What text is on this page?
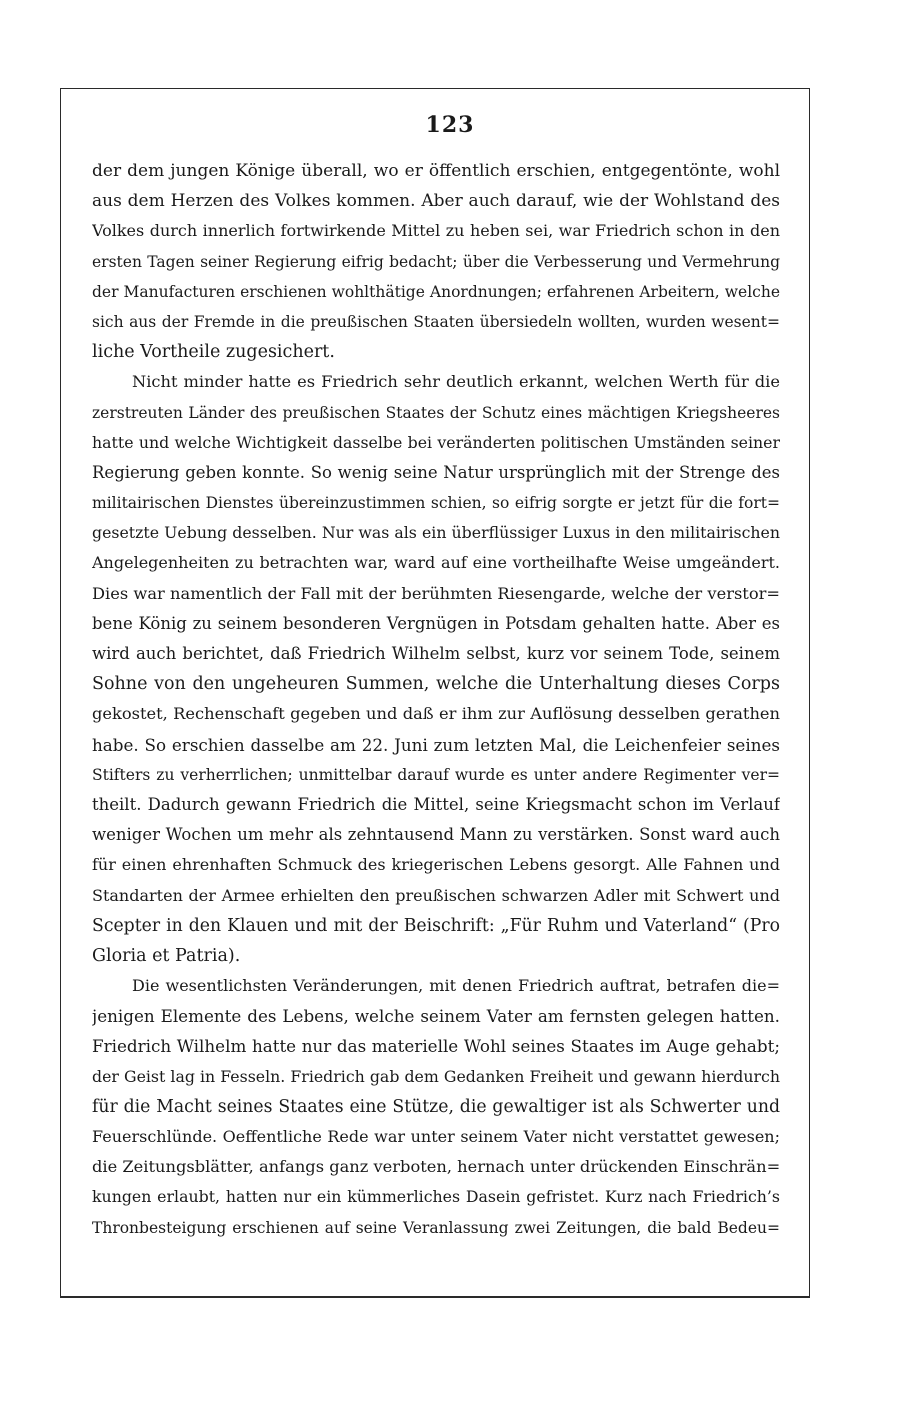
123
der dem jungen Könige überall, wo er öffentlich erschien, entgegentönte, wohl
aus dem Herzen des Volkes kommen. Aber auch darauf, wie der Wohlstand des
Volkes durch innerlich fortwirkende Mittel zu heben sei, war Friedrich schon in den
ersten Tagen seiner Regierung eifrig bedacht; über die Verbesserung und Vermehrung
der Manufacturen erschienen wohlthätige Anordnungen; erfahrenen Arbeitern, welche
sich aus der Fremde in die preußischen Staaten übersiedeln wollten, wurden wesent=
liche Vortheile zugesichert.
Nicht minder hatte es Friedrich sehr deutlich erkannt, welchen Werth für die
zerstreuten Länder des preußischen Staates der Schutz eines mächtigen Kriegsheeres
hatte und welche Wichtigkeit dasselbe bei veränderten politischen Umständen seiner
Regierung geben konnte. So wenig seine Natur ursprünglich mit der Strenge des
militairischen Dienstes übereinzustimmen schien, so eifrig sorgte er jetzt für die fort=
gesetzte Uebung desselben. Nur was als ein überflüssiger Luxus in den militairischen
Angelegenheiten zu betrachten war, ward auf eine vortheilhafte Weise umgeändert.
Dies war namentlich der Fall mit der berühmten Riesengarde, welche der verstor=
bene König zu seinem besonderen Vergnügen in Potsdam gehalten hatte. Aber es
wird auch berichtet, daß Friedrich Wilhelm selbst, kurz vor seinem Tode, seinem
Sohne von den ungeheuren Summen, welche die Unterhaltung dieses Corps
gekostet, Rechenschaft gegeben und daß er ihm zur Auflösung desselben gerathen
habe. So erschien dasselbe am 22. Juni zum letzten Mal, die Leichenfeier seines
Stifters zu verherrlichen; unmittelbar darauf wurde es unter andere Regimenter ver=
theilt. Dadurch gewann Friedrich die Mittel, seine Kriegsmacht schon im Verlauf
weniger Wochen um mehr als zehntausend Mann zu verstärken. Sonst ward auch
für einen ehrenhaften Schmuck des kriegerischen Lebens gesorgt. Alle Fahnen und
Standarten der Armee erhielten den preußischen schwarzen Adler mit Schwert und
Scepter in den Klauen und mit der Beischrift: „Für Ruhm und Vaterland“ (Pro
Gloria et Patria).
Die wesentlichsten Veränderungen, mit denen Friedrich auftrat, betrafen die=
jenigen Elemente des Lebens, welche seinem Vater am fernsten gelegen hatten.
Friedrich Wilhelm hatte nur das materielle Wohl seines Staates im Auge gehabt;
der Geist lag in Fesseln. Friedrich gab dem Gedanken Freiheit und gewann hierdurch
für die Macht seines Staates eine Stütze, die gewaltiger ist als Schwerter und
Feuerschlünde. Oeffentliche Rede war unter seinem Vater nicht verstattet gewesen;
die Zeitungsblätter, anfangs ganz verboten, hernach unter drückenden Einschrän=
kungen erlaubt, hatten nur ein kümmerliches Dasein gefristet. Kurz nach Friedrich’s
Thronbesteigung erschienen auf seine Veranlassung zwei Zeitungen, die bald Bedeu=
